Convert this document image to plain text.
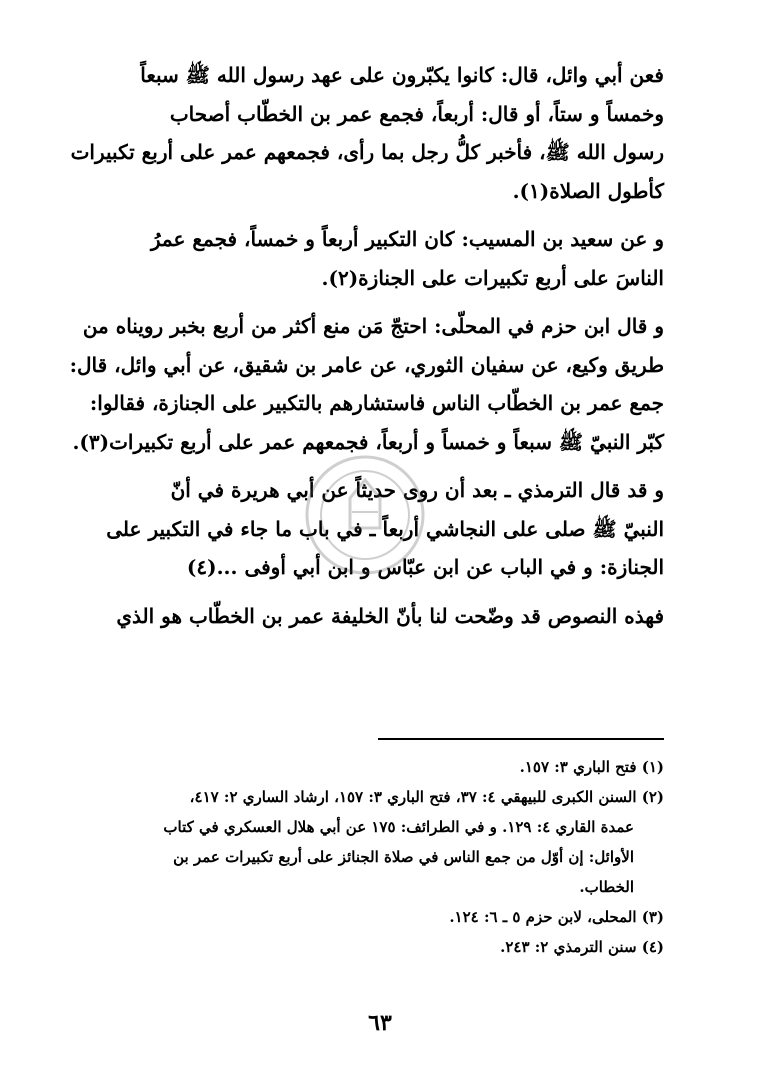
فعن أبي وائل، قال: كانوا يكبّرون على عهد رسول الله ﷺ سبعاً
وخمساً و ستاً، أو قال: أربعاً، فجمع عمر بن الخطّاب أصحاب
رسول الله ﷺ، فأخبر كلُّ رجل بما رأى، فجمعهم عمر على أربع تكبيرات
كأطول الصلاة(١).

و عن سعيد بن المسيب: كان التكبير أربعاً و خمساً، فجمع عمرُ
الناسَ على أربع تكبيرات على الجنازة(٢).

و قال ابن حزم في المحلّى: احتجّ مَن منع أكثر من أربع بخبر رويناه من
طريق وكيع، عن سفيان الثوري، عن عامر بن شقيق، عن أبي وائل، قال:
جمع عمر بن الخطّاب الناس فاستشارهم بالتكبير على الجنازة، فقالوا:
كبّر النبيّ ﷺ سبعاً و خمساً و أربعاً، فجمعهم عمر على أربع تكبيرات(٣).

و قد قال الترمذي ـ بعد أن روى حديثاً عن أبي هريرة في أنّ
النبيّ ﷺ صلى على النجاشي أربعاً ـ في باب ما جاء في التكبير على
الجنازة: و في الباب عن ابن عبّاس و ابن أبي أوفى ...(٤)

فهذه النصوص قد وضّحت لنا بأنّ الخليفة عمر بن الخطّاب هو الذي

(١) فتح الباري ٣: ١٥٧.

(٢) السنن الكبرى للبيهقي ٤: ٣٧، فتح الباري ٣: ١٥٧، ارشاد الساري ٢: ٤١٧،
عمدة القاري ٤: ١٢٩. و في الطرائف: ١٧٥ عن أبي هلال العسكري في كتاب
الأوائل: إن أوّل من جمع الناس في صلاة الجنائز على أربع تكبيرات عمر بن
الخطاب.

(٣) المحلى، لابن حزم ٥ ـ ٦: ١٢٤.

(٤) سنن الترمذي ٢: ٢٤٣.

٦٣
